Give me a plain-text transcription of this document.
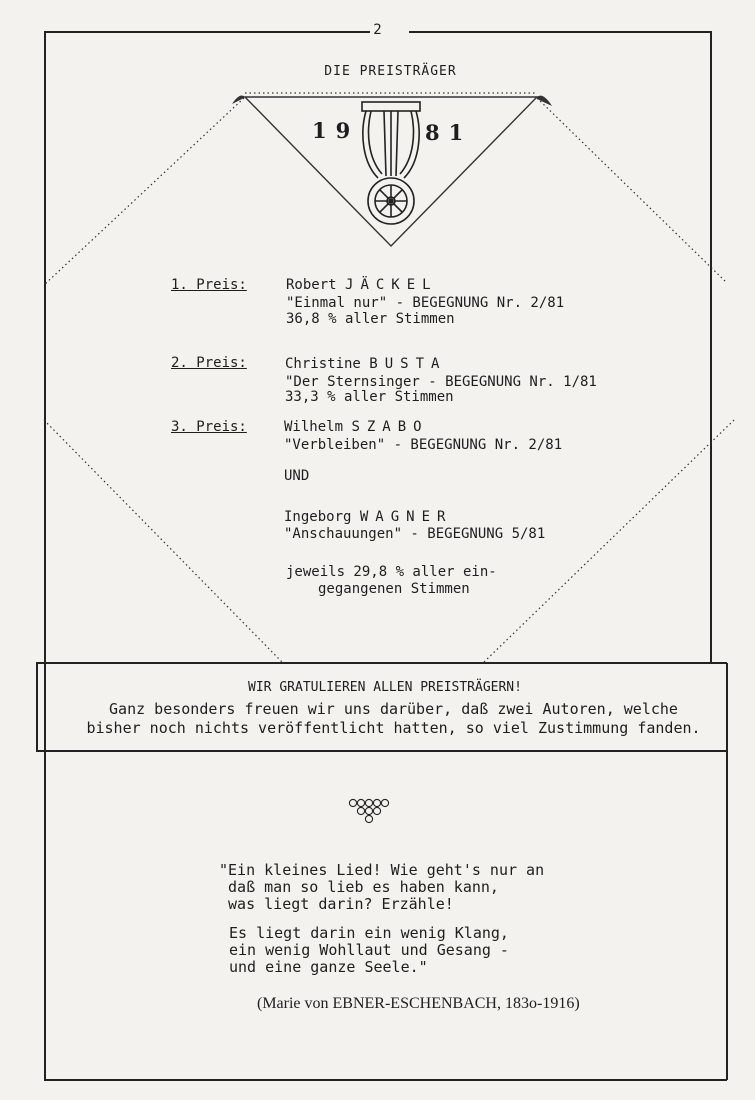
2
DIE PREISTRÄGER
19	81
1. Preis:	Robert JÄCKEL
"Einmal nur" - BEGEGNUNG Nr. 2/81
36,8 % aller Stimmen
2. Preis:	Christine BUSTA
"Der Sternsinger - BEGEGNUNG Nr. 1/81
33,3 % aller Stimmen
3. Preis:	Wilhelm SZABO
"Verbleiben" - BEGEGNUNG Nr. 2/81
UND
Ingeborg WAGNER
"Anschauungen" - BEGEGNUNG 5/81
jeweils 29,8 % aller ein-
gegangenen Stimmen
WIR GRATULIEREN ALLEN PREISTRÄGERN!
Ganz besonders freuen wir uns darüber, daß zwei Autoren, welche
bisher noch nichts veröffentlicht hatten, so viel Zustimmung fanden.
"Ein kleines Lied! Wie geht's nur an
daß man so lieb es haben kann,
was liegt darin? Erzähle!
Es liegt darin ein wenig Klang,
ein wenig Wohllaut und Gesang -
und eine ganze Seele."
(Marie von EBNER-ESCHENBACH, 183o-1916)
